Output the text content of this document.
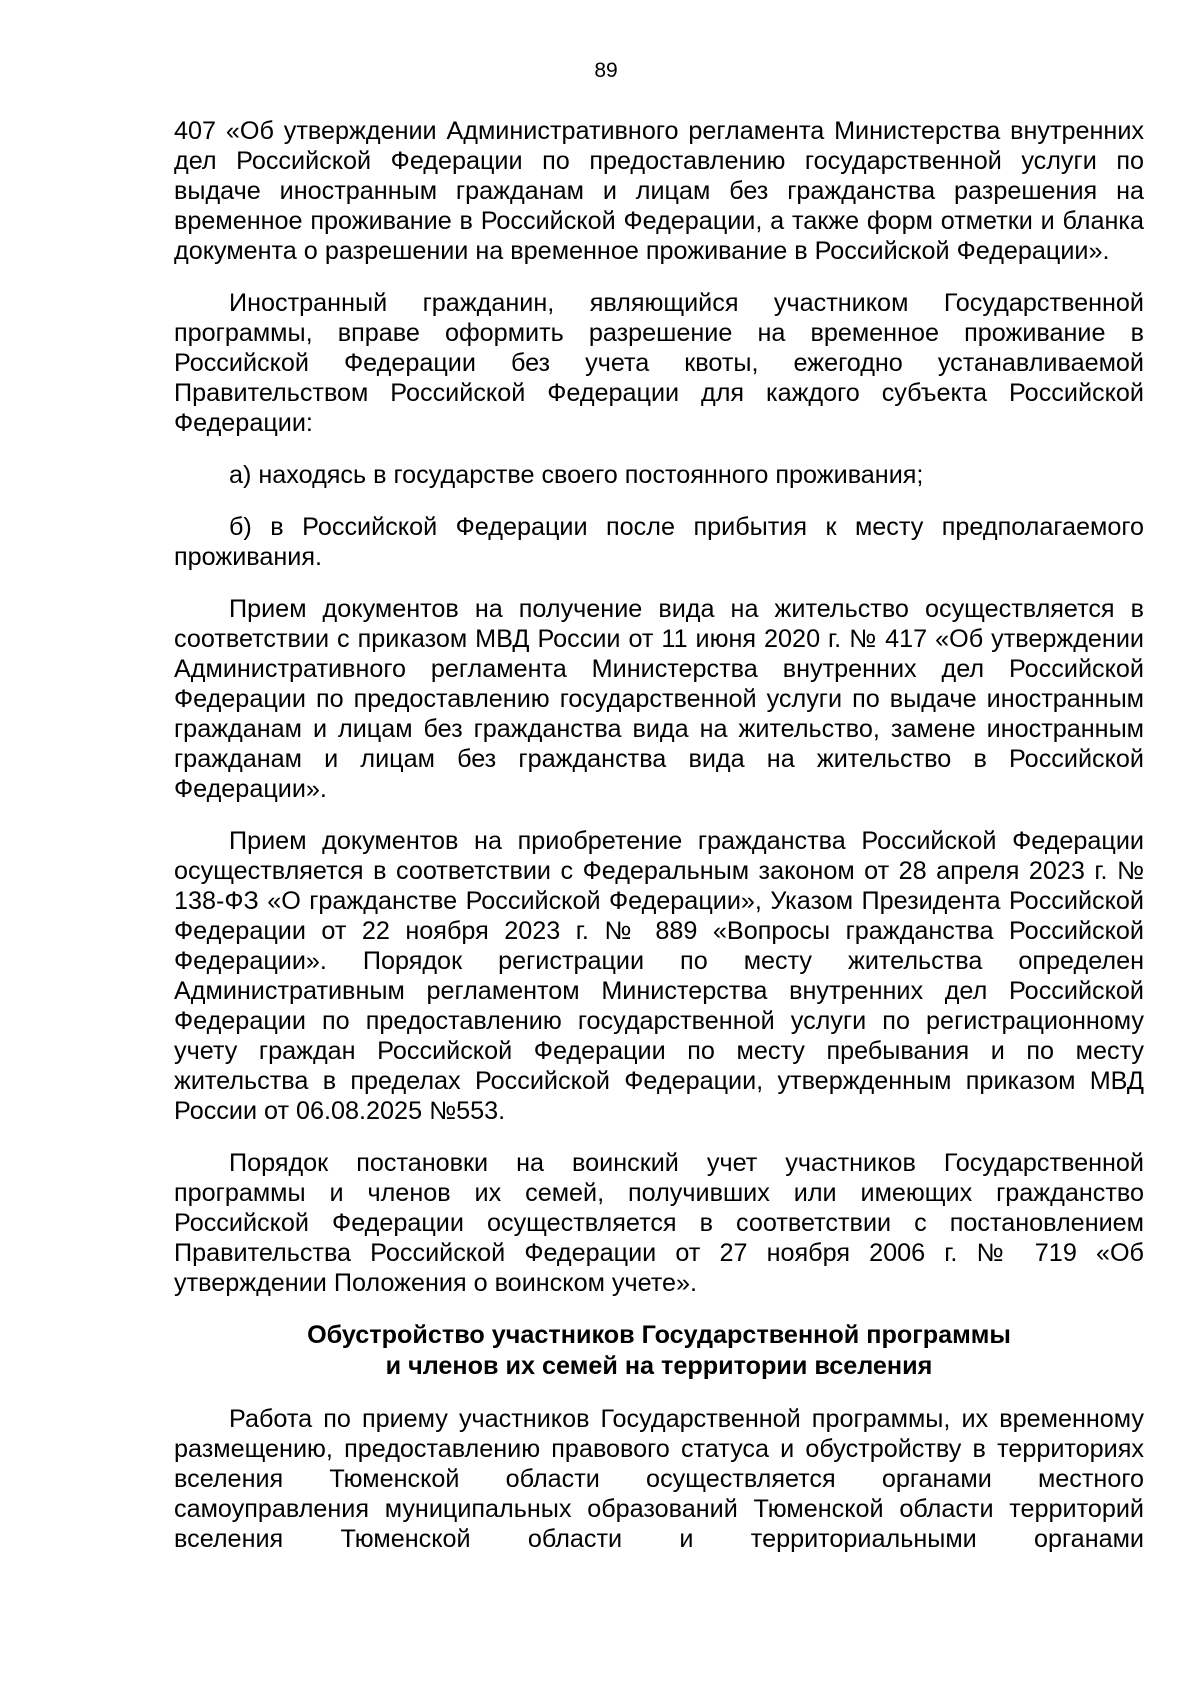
89

407 «Об утверждении Административного регламента Министерства внутренних дел Российской Федерации по предоставлению государственной услуги по выдаче иностранным гражданам и лицам без гражданства разрешения на временное проживание в Российской Федерации, а также форм отметки и бланка документа о разрешении на временное проживание в Российской Федерации».

Иностранный гражданин, являющийся участником Государственной программы, вправе оформить разрешение на временное проживание в Российской Федерации без учета квоты, ежегодно устанавливаемой Правительством Российской Федерации для каждого субъекта Российской Федерации:

а) находясь в государстве своего постоянного проживания;

б) в Российской Федерации после прибытия к месту предполагаемого проживания.

Прием документов на получение вида на жительство осуществляется в соответствии с приказом МВД России от 11 июня 2020 г. № 417 «Об утверждении Административного регламента Министерства внутренних дел Российской Федерации по предоставлению государственной услуги по выдаче иностранным гражданам и лицам без гражданства вида на жительство, замене иностранным гражданам и лицам без гражданства вида на жительство в Российской Федерации».

Прием документов на приобретение гражданства Российской Федерации осуществляется в соответствии с Федеральным законом от 28 апреля 2023 г. № 138-ФЗ «О гражданстве Российской Федерации», Указом Президента Российской Федерации от 22 ноября 2023 г. № 889 «Вопросы гражданства Российской Федерации». Порядок регистрации по месту жительства определен Административным регламентом Министерства внутренних дел Российской Федерации по предоставлению государственной услуги по регистрационному учету граждан Российской Федерации по месту пребывания и по месту жительства в пределах Российской Федерации, утвержденным приказом МВД России от 06.08.2025 №553.

Порядок постановки на воинский учет участников Государственной программы и членов их семей, получивших или имеющих гражданство Российской Федерации осуществляется в соответствии с постановлением Правительства Российской Федерации от 27 ноября 2006 г. № 719 «Об утверждении Положения о воинском учете».

Обустройство участников Государственной программы
и членов их семей на территории вселения

Работа по приему участников Государственной программы, их временному размещению, предоставлению правового статуса и обустройству в территориях вселения Тюменской области осуществляется органами местного самоуправления муниципальных образований Тюменской области территорий вселения Тюменской области и территориальными органами
